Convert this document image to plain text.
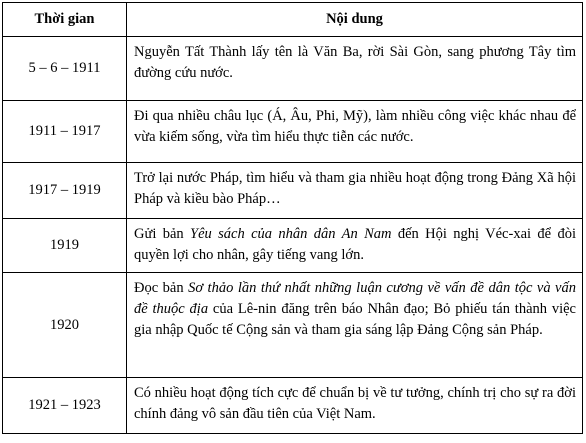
Thời gian	Nội dung
5 – 6 – 1911	Nguyễn Tất Thành lấy tên là Văn Ba, rời Sài Gòn, sang phương Tây tìm đường cứu nước.

1911 – 1917	Đi qua nhiều châu lục (Á, Âu, Phi, Mỹ), làm nhiều công việc khác nhau để vừa kiếm sống, vừa tìm hiểu thực tiễn các nước.

1917 – 1919	Trở lại nước Pháp, tìm hiểu và tham gia nhiều hoạt động trong Đảng Xã hội Pháp và kiều bào Pháp…

1919	Gửi bản Yêu sách của nhân dân An Nam đến Hội nghị Véc-xai để đòi quyền lợi cho nhân, gây tiếng vang lớn.

1920	Đọc bản Sơ thảo lần thứ nhất những luận cương về vấn đề dân tộc và vấn đề thuộc địa của Lê-nin đăng trên báo Nhân đạo; Bỏ phiếu tán thành việc gia nhập Quốc tế Cộng sản và tham gia sáng lập Đảng Cộng sản Pháp.

1921 – 1923	Có nhiều hoạt động tích cực để chuẩn bị về tư tưởng, chính trị cho sự ra đời chính đảng vô sản đầu tiên của Việt Nam.
